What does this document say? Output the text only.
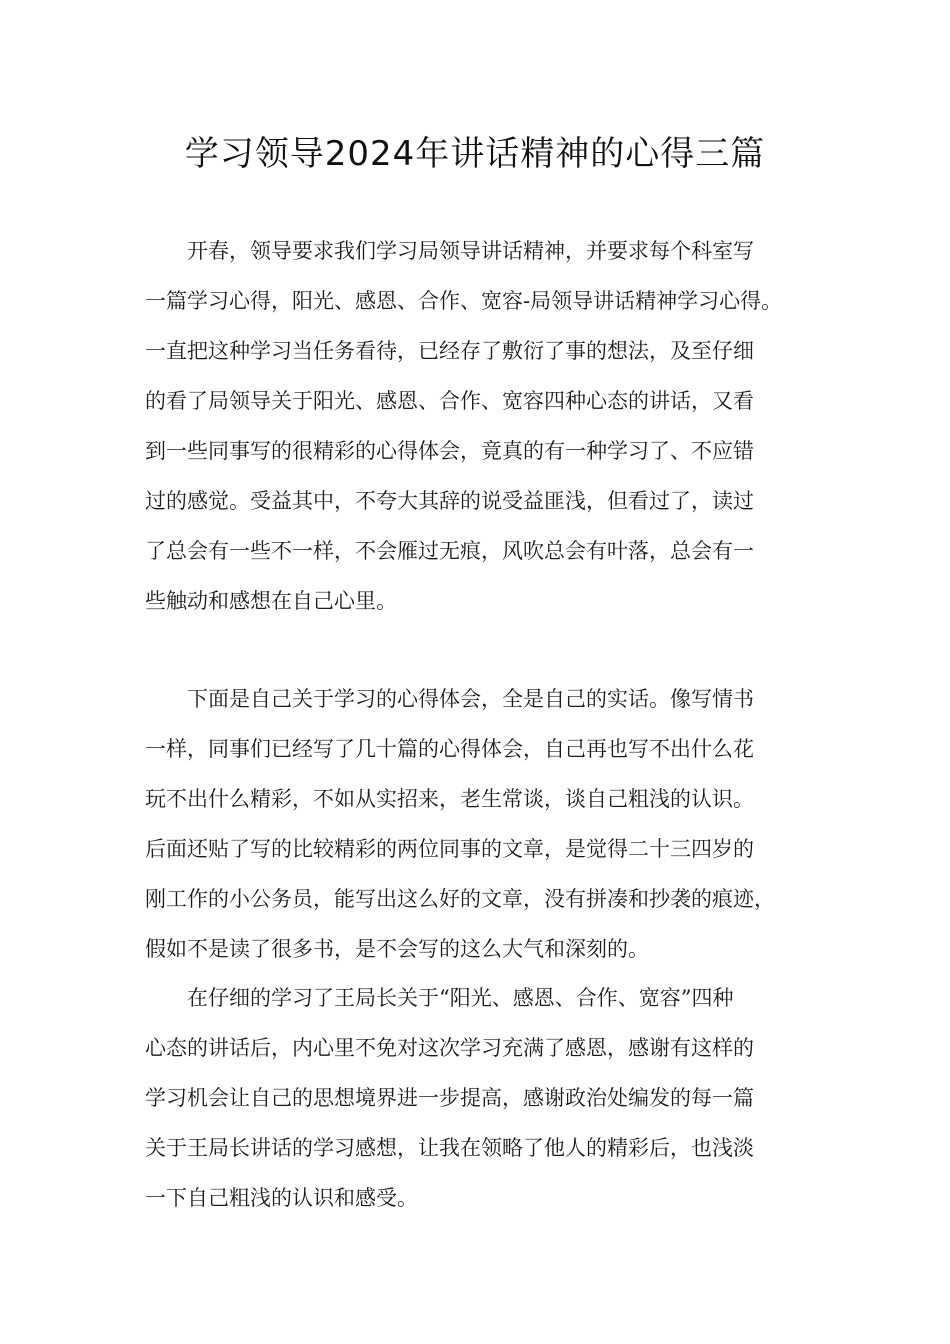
学习领导2024年讲话精神的心得三篇
开春，领导要求我们学习局领导讲话精神，并要求每个科室写
一篇学习心得，阳光、感恩、合作、宽容-局领导讲话精神学习心得。
一直把这种学习当任务看待，已经存了敷衍了事的想法，及至仔细
的看了局领导关于阳光、感恩、合作、宽容四种心态的讲话，又看
到一些同事写的很精彩的心得体会，竟真的有一种学习了、不应错
过的感觉。受益其中，不夸大其辞的说受益匪浅，但看过了，读过
了总会有一些不一样，不会雁过无痕，风吹总会有叶落，总会有一
些触动和感想在自己心里。
下面是自己关于学习的心得体会，全是自己的实话。像写情书
一样，同事们已经写了几十篇的心得体会，自己再也写不出什么花
玩不出什么精彩，不如从实招来，老生常谈，谈自己粗浅的认识。
后面还贴了写的比较精彩的两位同事的文章，是觉得二十三四岁的
刚工作的小公务员，能写出这么好的文章，没有拼凑和抄袭的痕迹，
假如不是读了很多书，是不会写的这么大气和深刻的。
在仔细的学习了王局长关于“阳光、感恩、合作、宽容”四种
心态的讲话后，内心里不免对这次学习充满了感恩，感谢有这样的
学习机会让自己的思想境界进一步提高，感谢政治处编发的每一篇
关于王局长讲话的学习感想，让我在领略了他人的精彩后，也浅淡
一下自己粗浅的认识和感受。
